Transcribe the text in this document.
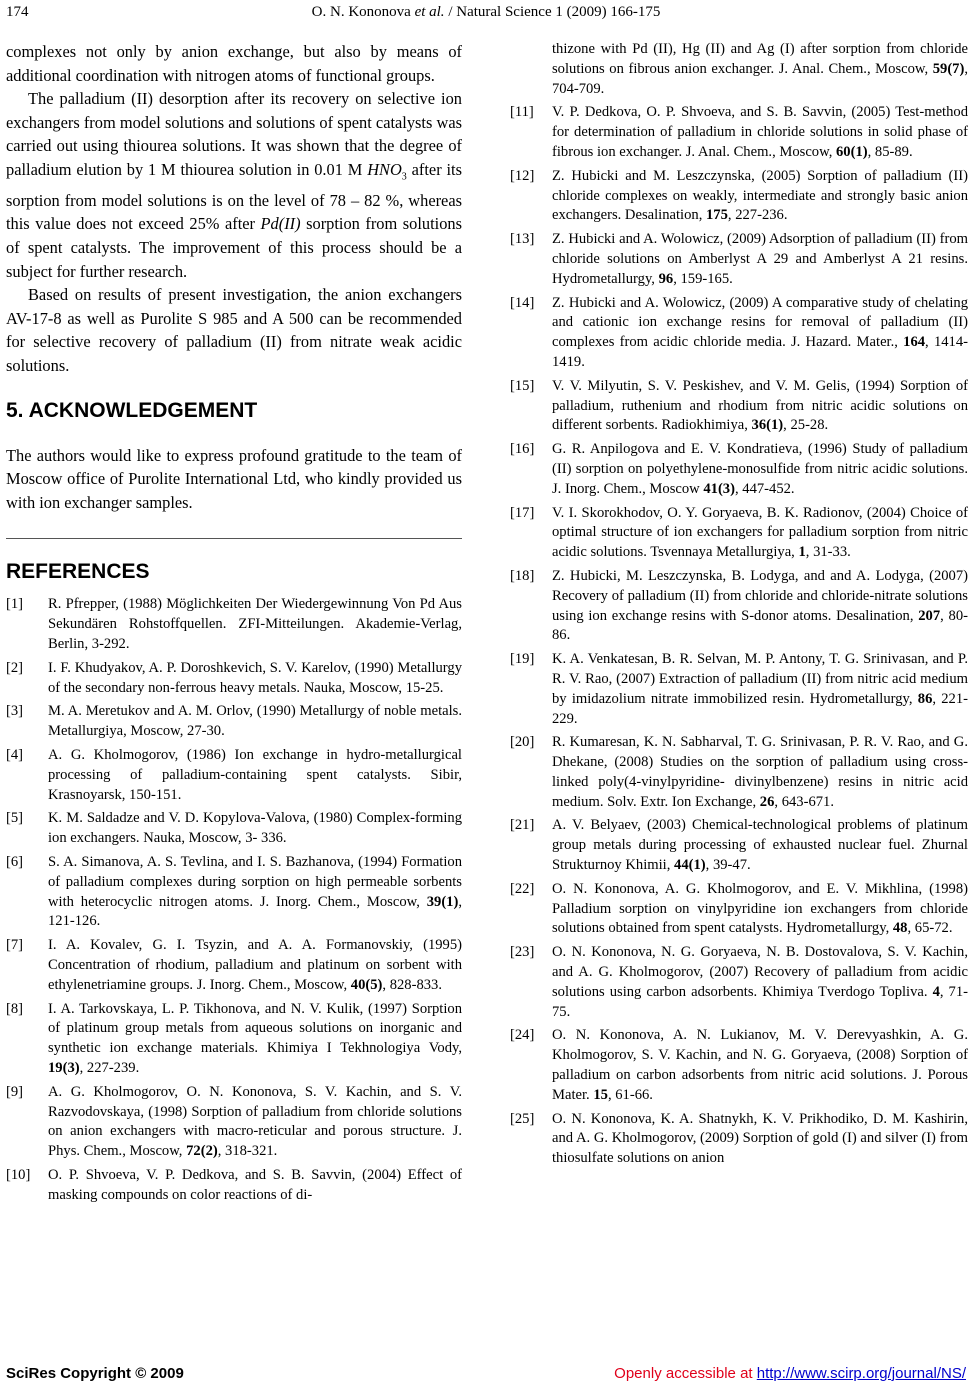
174	O. N. Kononova et al. / Natural Science 1 (2009) 166-175

complexes not only by anion exchange, but also by means of additional coordination with nitrogen atoms of functional groups.

The palladium (II) desorption after its recovery on selective ion exchangers from model solutions and solutions of spent catalysts was carried out using thiourea solutions. It was shown that the degree of palladium elution by 1 M thiourea solution in 0.01 M $HNO_3$ after its sorption from model solutions is on the level of 78 – 82 %, whereas this value does not exceed 25% after Pd(II) sorption from solutions of spent catalysts. The improvement of this process should be a subject for further research.

Based on results of present investigation, the anion exchangers AV-17-8 as well as Purolite S 985 and A 500 can be recommended for selective recovery of palladium (II) from nitrate weak acidic solutions.

5. ACKNOWLEDGEMENT

The authors would like to express profound gratitude to the team of Moscow office of Purolite International Ltd, who kindly provided us with ion exchanger samples.

REFERENCES
[1]	R. Pfrepper, (1988) Möglichkeiten Der Wiedergewinnung Von Pd Aus Sekundären Rohstoffquellen. ZFI-Mitteilungen. Akademie-Verlag, Berlin, 3-292.
[2]	I. F. Khudyakov, A. P. Doroshkevich, S. V. Karelov, (1990) Metallurgy of the secondary non-ferrous heavy metals. Nauka, Moscow, 15-25.
[3]	M. A. Meretukov and A. M. Orlov, (1990) Metallurgy of noble metals. Metallurgiya, Moscow, 27-30.
[4]	A. G. Kholmogorov, (1986) Ion exchange in hydro-metallurgical processing of palladium-containing spent catalysts. Sibir, Krasnoyarsk, 150-151.
[5]	K. M. Saldadze and V. D. Kopylova-Valova, (1980) Complex-forming ion exchangers. Nauka, Moscow, 3- 336.
[6]	S. A. Simanova, A. S. Tevlina, and I. S. Bazhanova, (1994) Formation of palladium complexes during sorption on high permeable sorbents with heterocyclic nitrogen atoms. J. Inorg. Chem., Moscow, 39(1), 121-126.
[7]	I. A. Kovalev, G. I. Tsyzin, and A. A. Formanovskiy, (1995) Concentration of rhodium, palladium and platinum on sorbent with ethylenetriamine groups. J. Inorg. Chem., Moscow, 40(5), 828-833.
[8]	I. A. Tarkovskaya, L. P. Tikhonova, and N. V. Kulik, (1997) Sorption of platinum group metals from aqueous solutions on inorganic and synthetic ion exchange materials. Khimiya I Tekhnologiya Vody, 19(3), 227-239.
[9]	A. G. Kholmogorov, O. N. Kononova, S. V. Kachin, and S. V. Razvodovskaya, (1998) Sorption of palladium from chloride solutions on anion exchangers with macro-reticular and porous structure. J. Phys. Chem., Moscow, 72(2), 318-321.
[10]	O. P. Shvoeva, V. P. Dedkova, and S. B. Savvin, (2004) Effect of masking compounds on color reactions of di-
thizone with Pd (II), Hg (II) and Ag (I) after sorption from chloride solutions on fibrous anion exchanger. J. Anal. Chem., Moscow, 59(7), 704-709.
[11]	V. P. Dedkova, O. P. Shvoeva, and S. B. Savvin, (2005) Test-method for determination of palladium in chloride solutions in solid phase of fibrous ion exchanger. J. Anal. Chem., Moscow, 60(1), 85-89.
[12]	Z. Hubicki and M. Leszczynska, (2005) Sorption of palladium (II) chloride complexes on weakly, intermediate and strongly basic anion exchangers. Desalination, 175, 227-236.
[13]	Z. Hubicki and A. Wolowicz, (2009) Adsorption of palladium (II) from chloride solutions on Amberlyst A 29 and Amberlyst A 21 resins. Hydrometallurgy, 96, 159-165.
[14]	Z. Hubicki and A. Wolowicz, (2009) A comparative study of chelating and cationic ion exchange resins for removal of palladium (II) complexes from acidic chloride media. J. Hazard. Mater., 164, 1414-1419.
[15]	V. V. Milyutin, S. V. Peskishev, and V. M. Gelis, (1994) Sorption of palladium, ruthenium and rhodium from nitric acidic solutions on different sorbents. Radiokhimiya, 36(1), 25-28.
[16]	G. R. Anpilogova and E. V. Kondratieva, (1996) Study of palladium (II) sorption on polyethylene-monosulfide from nitric acidic solutions. J. Inorg. Chem., Moscow 41(3), 447-452.
[17]	V. I. Skorokhodov, O. Y. Goryaeva, B. K. Radionov, (2004) Choice of optimal structure of ion exchangers for palladium sorption from nitric acidic solutions. Tsvennaya Metallurgiya, 1, 31-33.
[18]	Z. Hubicki, M. Leszczynska, B. Lodyga, and and A. Lodyga, (2007) Recovery of palladium (II) from chloride and chloride-nitrate solutions using ion exchange resins with S-donor atoms. Desalination, 207, 80-86.
[19]	K. A. Venkatesan, B. R. Selvan, M. P. Antony, T. G. Srinivasan, and P. R. V. Rao, (2007) Extraction of palladium (II) from nitric acid medium by imidazolium nitrate immobilized resin. Hydrometallurgy, 86, 221-229.
[20]	R. Kumaresan, K. N. Sabharval, T. G. Srinivasan, P. R. V. Rao, and G. Dhekane, (2008) Studies on the sorption of palladium using cross-linked poly(4-vinylpyridine- divinylbenzene) resins in nitric acid medium. Solv. Extr. Ion Exchange, 26, 643-671.
[21]	A. V. Belyaev, (2003) Chemical-technological problems of platinum group metals during processing of exhausted nuclear fuel. Zhurnal Strukturnoy Khimii, 44(1), 39-47.
[22]	O. N. Kononova, A. G. Kholmogorov, and E. V. Mikhlina, (1998) Palladium sorption on vinylpyridine ion exchangers from chloride solutions obtained from spent catalysts. Hydrometallurgy, 48, 65-72.
[23]	O. N. Kononova, N. G. Goryaeva, N. B. Dostovalova, S. V. Kachin, and A. G. Kholmogorov, (2007) Recovery of palladium from acidic solutions using carbon adsorbents. Khimiya Tverdogo Topliva. 4, 71-75.
[24]	O. N. Kononova, A. N. Lukianov, M. V. Derevyashkin, A. G. Kholmogorov, S. V. Kachin, and N. G. Goryaeva, (2008) Sorption of palladium on carbon adsorbents from nitric acid solutions. J. Porous Mater. 15, 61-66.
[25]	O. N. Kononova, K. A. Shatnykh, K. V. Prikhodiko, D. M. Kashirin, and A. G. Kholmogorov, (2009) Sorption of gold (I) and silver (I) from thiosulfate solutions on anion
SciRes Copyright © 2009	Openly accessible at http://www.scirp.org/journal/NS/
